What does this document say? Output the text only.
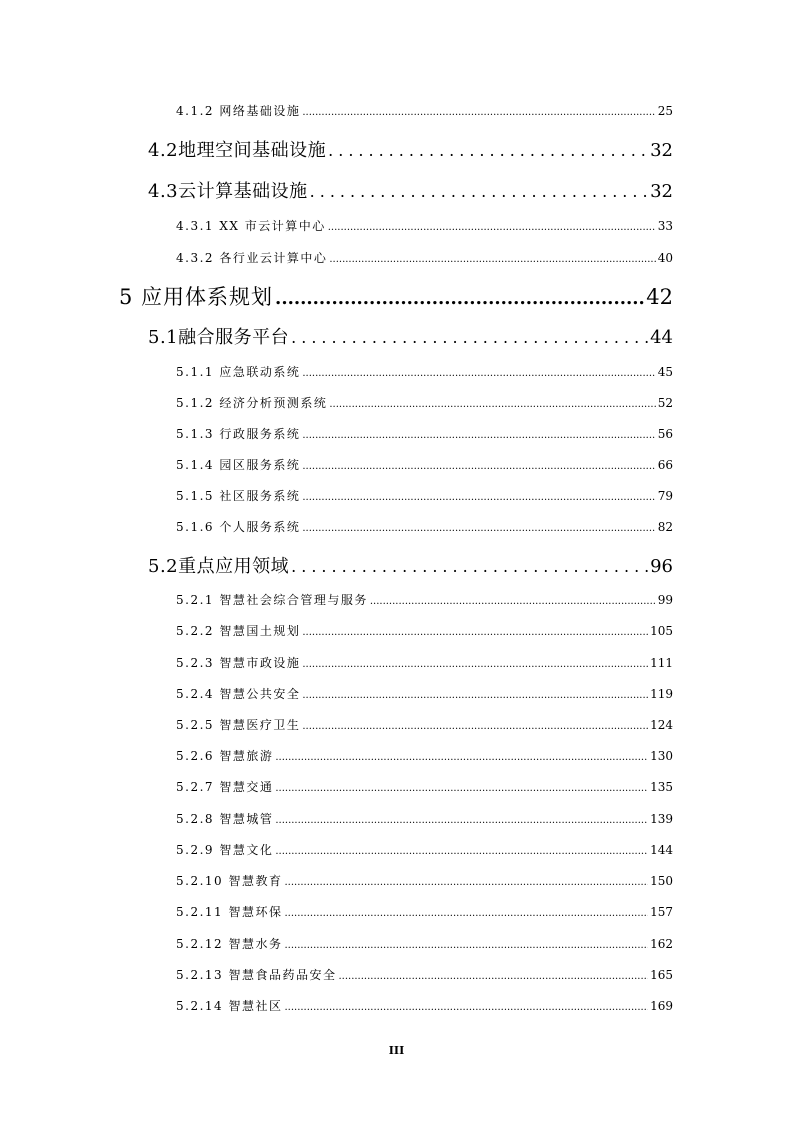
4.1.2 网络基础设施 .....	25
4.2地理空间基础设施 .....	32
4.3云计算基础设施 .....	32
4.3.1 XX 市云计算中心 .....	33
4.3.2 各行业云计算中心 .....	40
5 应用体系规划 .....	42
5.1融合服务平台 .....	44
5.1.1 应急联动系统 .....	45
5.1.2 经济分析预测系统 .....	52
5.1.3 行政服务系统 .....	56
5.1.4 园区服务系统 .....	66
5.1.5 社区服务系统 .....	79
5.1.6 个人服务系统 .....	82
5.2重点应用领域 .....	96
5.2.1 智慧社会综合管理与服务 .....	99
5.2.2 智慧国土规划 .....	105
5.2.3 智慧市政设施 .....	111
5.2.4 智慧公共安全 .....	119
5.2.5 智慧医疗卫生 .....	124
5.2.6 智慧旅游 .....	130
5.2.7 智慧交通 .....	135
5.2.8 智慧城管 .....	139
5.2.9 智慧文化 .....	144
5.2.10 智慧教育 .....	150
5.2.11 智慧环保 .....	157
5.2.12 智慧水务 .....	162
5.2.13 智慧食品药品安全 .....	165
5.2.14 智慧社区 .....	169
III
